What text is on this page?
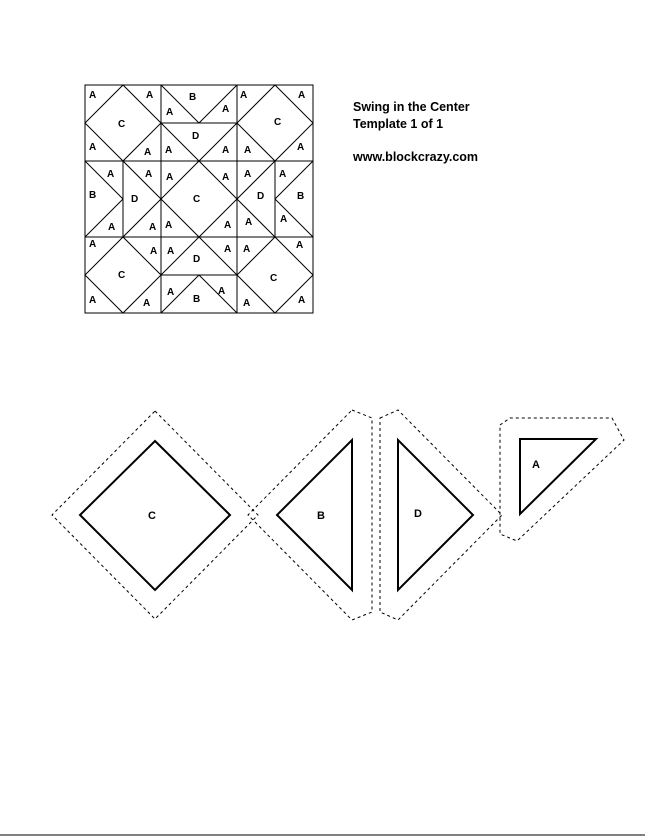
Swing in the Center
Template 1 of 1
www.blockcrazy.com
A	A
C
A	A
B
A	A
D
A	A
A	A
C
A	A
A	A
B	D
A	A
A	A
C
A	A
A	A
D	B
A	A
A
A
C
A	A
A	A
D
A	A
B
A	A
C
A	A
C	B	D
A
